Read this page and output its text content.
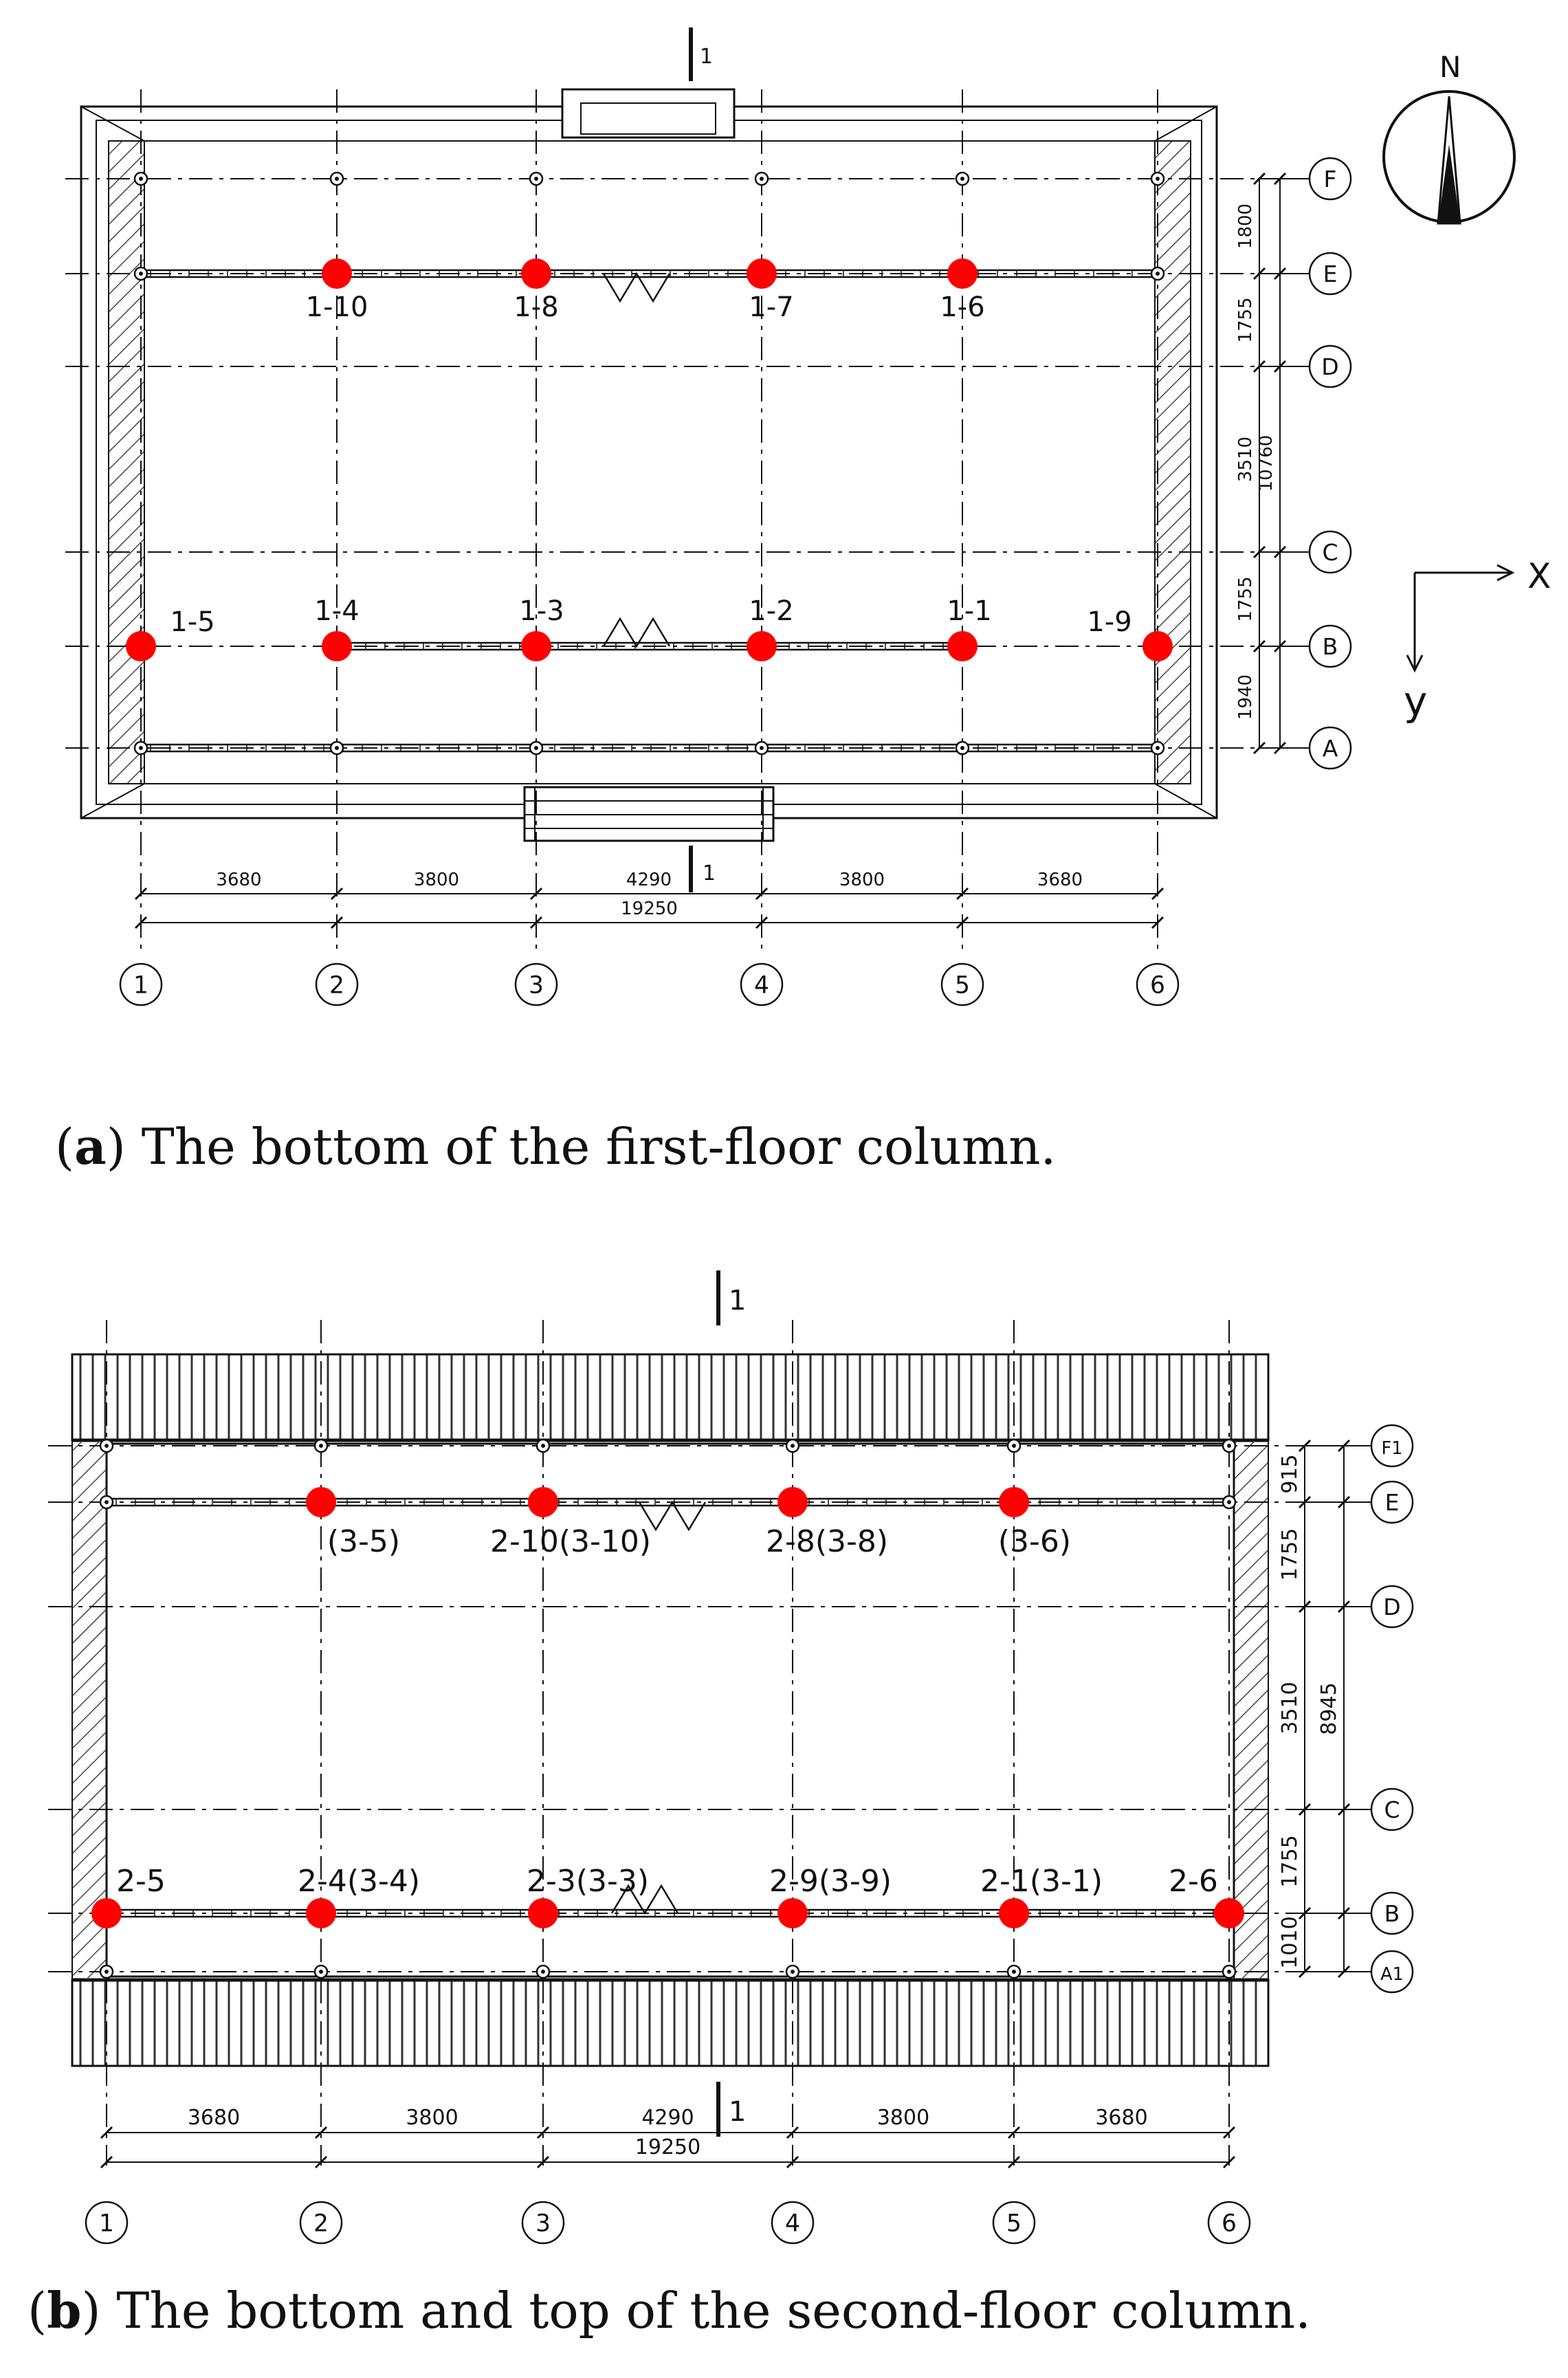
1	2	3	4	5	6
F
E
D
C
B
A
3680	3800	4290	3800	3680
19250
1800
1755
3510
1755
1940
10760
1-10	1-8	1-7	1-6
1-5	1-4	1-3	1-2	1-1	1-9
1
1
N
X
y
1	2	3	4	5	6
F1
E
D
C
B
A1
3680	3800	4290	3800	3680
19250
915
1755
3510
1755
1010
8945
(3-5)	2-10(3-10)	2-8(3-8)	(3-6)
2-5	2-4(3-4)	2-3(3-3)	2-9(3-9)	2-1(3-1) 2-6
1
1
(a) The bottom of the first-floor column.
(b) The bottom and top of the second-floor column.
